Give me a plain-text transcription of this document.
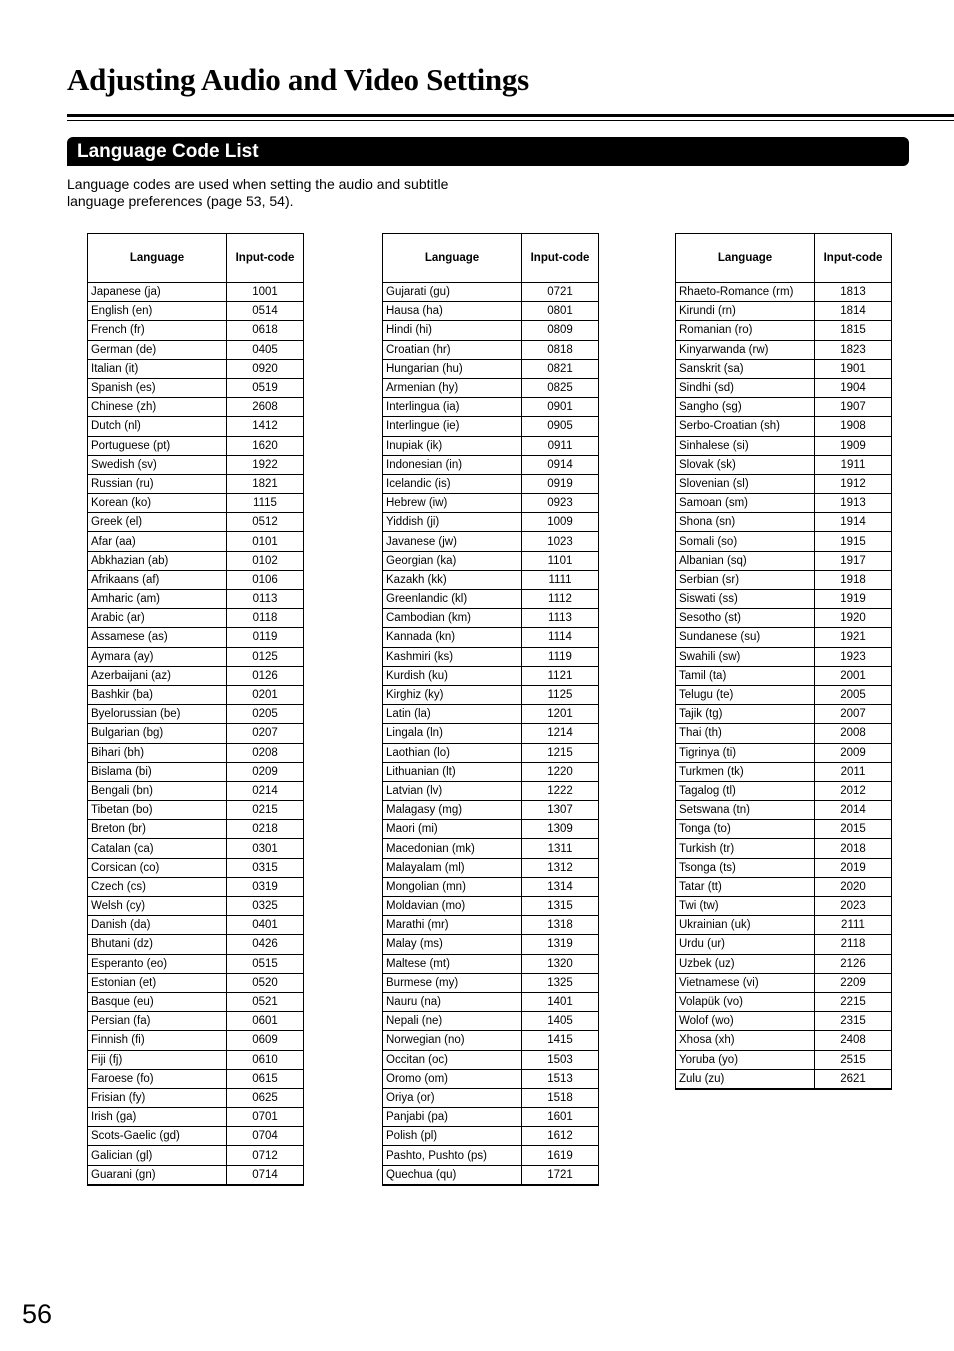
Adjusting Audio and Video Settings
Language Code List

Language codes are used when setting the audio and subtitle
language preferences (page 53, 54).

Language	Input-code
Japanese (ja)	1001
English (en)	0514
French (fr)	0618
German (de)	0405
Italian (it)	0920
Spanish (es)	0519
Chinese (zh)	2608
Dutch (nl)	1412
Portuguese (pt)	1620
Swedish (sv)	1922
Russian (ru)	1821
Korean (ko)	1115
Greek (el)	0512
Afar (aa)	0101
Abkhazian (ab)	0102
Afrikaans (af)	0106
Amharic (am)	0113
Arabic (ar)	0118
Assamese (as)	0119
Aymara (ay)	0125
Azerbaijani (az)	0126
Bashkir (ba)	0201
Byelorussian (be)	0205
Bulgarian (bg)	0207
Bihari (bh)	0208
Bislama (bi)	0209
Bengali (bn)	0214
Tibetan (bo)	0215
Breton (br)	0218
Catalan (ca)	0301
Corsican (co)	0315
Czech (cs)	0319
Welsh (cy)	0325
Danish (da)	0401
Bhutani (dz)	0426
Esperanto (eo)	0515
Estonian (et)	0520
Basque (eu)	0521
Persian (fa)	0601
Finnish (fi)	0609
Fiji (fj)	0610
Faroese (fo)	0615
Frisian (fy)	0625
Irish (ga)	0701
Scots-Gaelic (gd)	0704
Galician (gl)	0712
Guarani (gn)	0714
Language	Input-code
Gujarati (gu)	0721
Hausa (ha)	0801
Hindi (hi)	0809
Croatian (hr)	0818
Hungarian (hu)	0821
Armenian (hy)	0825
Interlingua (ia)	0901
Interlingue (ie)	0905
Inupiak (ik)	0911
Indonesian (in)	0914
Icelandic (is)	0919
Hebrew (iw)	0923
Yiddish (ji)	1009
Javanese (jw)	1023
Georgian (ka)	1101
Kazakh (kk)	1111
Greenlandic (kl)	1112
Cambodian (km)	1113
Kannada (kn)	1114
Kashmiri (ks)	1119
Kurdish (ku)	1121
Kirghiz (ky)	1125
Latin (la)	1201
Lingala (ln)	1214
Laothian (lo)	1215
Lithuanian (lt)	1220
Latvian (lv)	1222
Malagasy (mg)	1307
Maori (mi)	1309
Macedonian (mk)	1311
Malayalam (ml)	1312
Mongolian (mn)	1314
Moldavian (mo)	1315
Marathi (mr)	1318
Malay (ms)	1319
Maltese (mt)	1320
Burmese (my)	1325
Nauru (na)	1401
Nepali (ne)	1405
Norwegian (no)	1415
Occitan (oc)	1503
Oromo (om)	1513
Oriya (or)	1518
Panjabi (pa)	1601
Polish (pl)	1612
Pashto, Pushto (ps)	1619
Quechua (qu)	1721
Language	Input-code
Rhaeto-Romance (rm)	1813
Kirundi (rn)	1814
Romanian (ro)	1815
Kinyarwanda (rw)	1823
Sanskrit (sa)	1901
Sindhi (sd)	1904
Sangho (sg)	1907
Serbo-Croatian (sh)	1908
Sinhalese (si)	1909
Slovak (sk)	1911
Slovenian (sl)	1912
Samoan (sm)	1913
Shona (sn)	1914
Somali (so)	1915
Albanian (sq)	1917
Serbian (sr)	1918
Siswati (ss)	1919
Sesotho (st)	1920
Sundanese (su)	1921
Swahili (sw)	1923
Tamil (ta)	2001
Telugu (te)	2005
Tajik (tg)	2007
Thai (th)	2008
Tigrinya (ti)	2009
Turkmen (tk)	2011
Tagalog (tl)	2012
Setswana (tn)	2014
Tonga (to)	2015
Turkish (tr)	2018
Tsonga (ts)	2019
Tatar (tt)	2020
Twi (tw)	2023
Ukrainian (uk)	2111
Urdu (ur)	2118
Uzbek (uz)	2126
Vietnamese (vi)	2209
Volapük (vo)	2215
Wolof (wo)	2315
Xhosa (xh)	2408
Yoruba (yo)	2515
Zulu (zu)	2621

56
